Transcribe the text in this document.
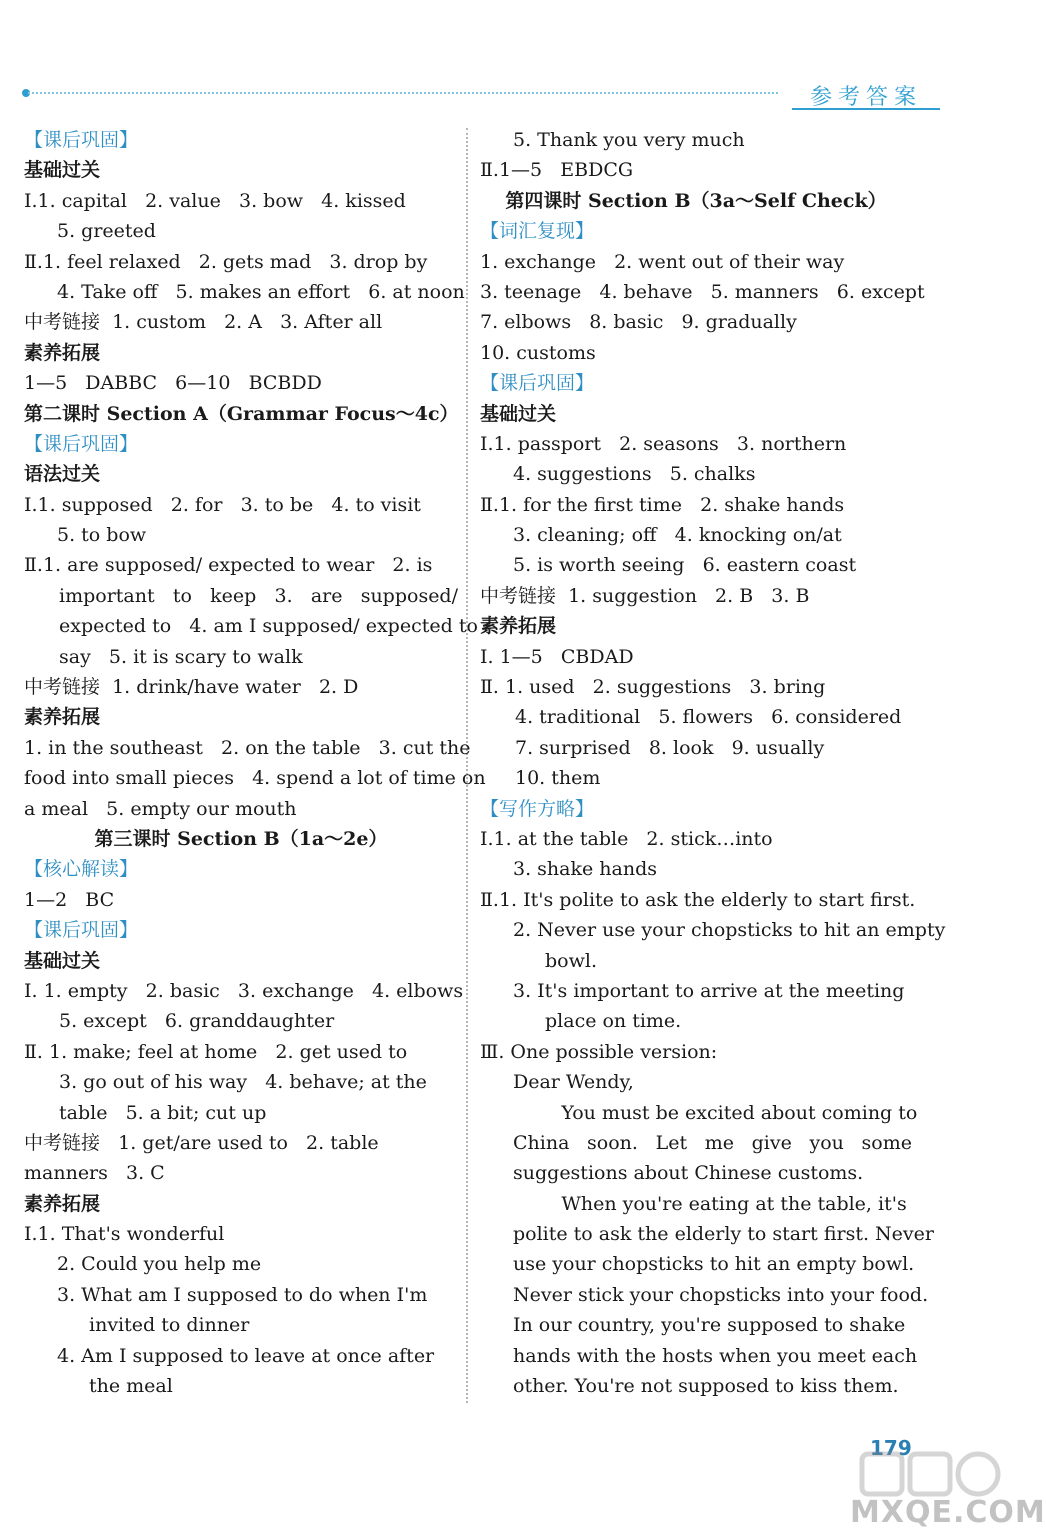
参考答案
【课后巩固】
基础过关
Ⅰ.1. capital   2. value   3. bow   4. kissed
5. greeted
Ⅱ.1. feel relaxed   2. gets mad   3. drop by
4. Take off   5. makes an effort   6. at noon
中考链接  1. custom   2. A   3. After all
素养拓展
1—5   DABBC   6—10   BCBDD
第二课时 Section A（Grammar Focus～4c）
【课后巩固】
语法过关
Ⅰ.1. supposed   2. for   3. to be   4. to visit
5. to bow
Ⅱ.1. are supposed/ expected to wear   2. is
important to keep 3. are supposed/
expected to   4. am I supposed/ expected to
say   5. it is scary to walk
中考链接  1. drink/have water   2. D
素养拓展
1. in the southeast   2. on the table   3. cut the
food into small pieces   4. spend a lot of time on
a meal   5. empty our mouth
第三课时 Section B（1a～2e）
【核心解读】
1—2   BC
【课后巩固】
基础过关
Ⅰ. 1. empty   2. basic   3. exchange   4. elbows
5. except   6. granddaughter
Ⅱ. 1. make; feel at home   2. get used to
3. go out of his way   4. behave; at the
table   5. a bit; cut up
中考链接   1. get/are used to   2. table
manners   3. C
素养拓展
Ⅰ.1. That's wonderful
2. Could you help me
3. What am I supposed to do when I'm
invited to dinner
4. Am I supposed to leave at once after
the meal
5. Thank you very much
Ⅱ.1—5   EBDCG
第四课时 Section B（3a～Self Check）
【词汇复现】
1. exchange   2. went out of their way
3. teenage   4. behave   5. manners   6. except
7. elbows   8. basic   9. gradually
10. customs
【课后巩固】
基础过关
Ⅰ.1. passport   2. seasons   3. northern
4. suggestions   5. chalks
Ⅱ.1. for the first time   2. shake hands
3. cleaning; off   4. knocking on/at
5. is worth seeing   6. eastern coast
中考链接  1. suggestion   2. B   3. B
素养拓展
Ⅰ. 1—5   CBDAD
Ⅱ. 1. used   2. suggestions   3. bring
4. traditional   5. flowers   6. considered
7. surprised   8. look   9. usually
10. them
【写作方略】
Ⅰ.1. at the table   2. stick…into
3. shake hands
Ⅱ.1. It's polite to ask the elderly to start first.
2. Never use your chopsticks to hit an empty
bowl.
3. It's important to arrive at the meeting
place on time.
Ⅲ. One possible version:
Dear Wendy,
You must be excited about coming to
China soon. Let me give you some
suggestions about Chinese customs.
When you're eating at the table, it's
polite to ask the elderly to start first. Never
use your chopsticks to hit an empty bowl.
Never stick your chopsticks into your food.
In our country, you're supposed to shake
hands with the hosts when you meet each
other. You're not supposed to kiss them.
179
MXQE.COM
